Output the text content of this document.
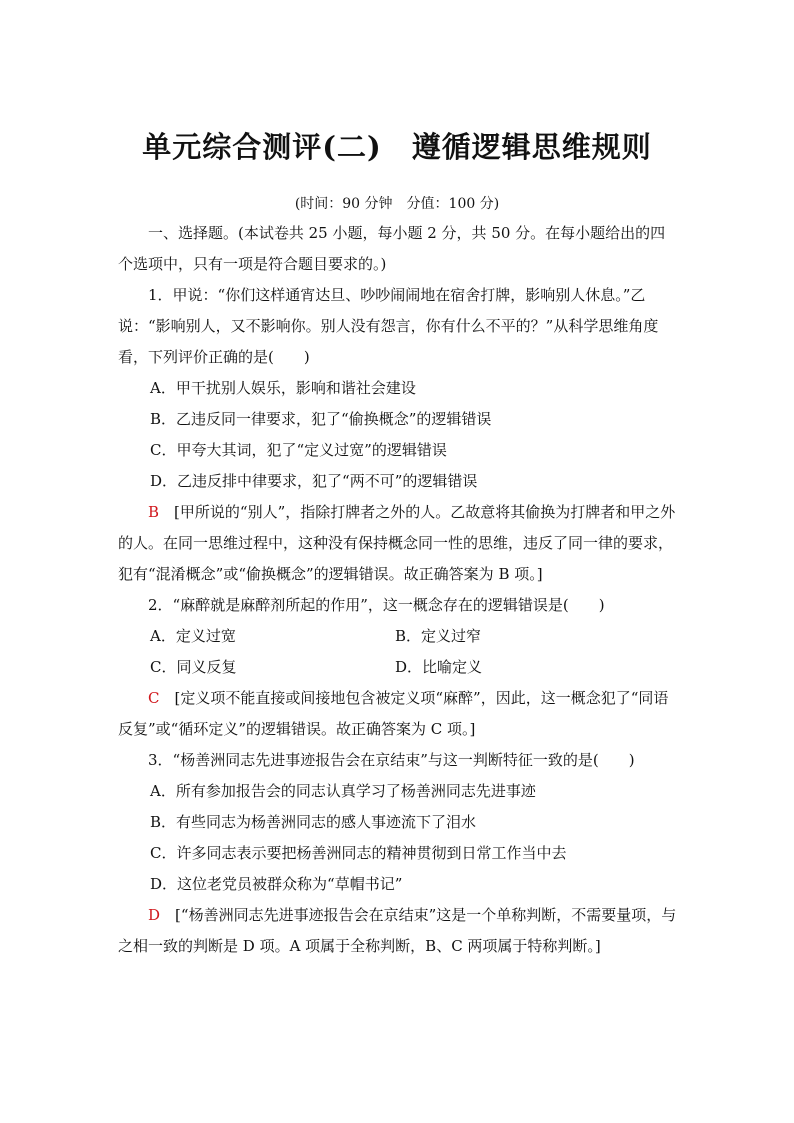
单元综合测评(二)　遵循逻辑思维规则
(时间：90 分钟　分值：100 分)

一、选择题。(本试卷共 25 小题，每小题 2 分，共 50 分。在每小题给出的四个选项中，只有一项是符合题目要求的。)

1．甲说：“你们这样通宵达旦、吵吵闹闹地在宿舍打牌，影响别人休息。”乙说：“影响别人，又不影响你。别人没有怨言，你有什么不平的？”从科学思维角度看，下列评价正确的是(　　)

A．甲干扰别人娱乐，影响和谐社会建设

B．乙违反同一律要求，犯了“偷换概念”的逻辑错误

C．甲夸大其词，犯了“定义过宽”的逻辑错误

D．乙违反排中律要求，犯了“两不可”的逻辑错误

B　 [甲所说的“别人”，指除打牌者之外的人。乙故意将其偷换为打牌者和甲之外的人。在同一思维过程中，这种没有保持概念同一性的思维，违反了同一律的要求，犯有“混淆概念”或“偷换概念”的逻辑错误。故正确答案为 B 项。]

2．“麻醉就是麻醉剂所起的作用”，这一概念存在的逻辑错误是(　　)

A．定义过宽	B．定义过窄
C．同义反复	D．比喻定义

C　 [定义项不能直接或间接地包含被定义项“麻醉”，因此，这一概念犯了“同语反复”或“循环定义”的逻辑错误。故正确答案为 C 项。]

3．“杨善洲同志先进事迹报告会在京结束”与这一判断特征一致的是(　　)

A．所有参加报告会的同志认真学习了杨善洲同志先进事迹

B．有些同志为杨善洲同志的感人事迹流下了泪水

C．许多同志表示要把杨善洲同志的精神贯彻到日常工作当中去

D．这位老党员被群众称为“草帽书记”

D　 [“杨善洲同志先进事迹报告会在京结束”这是一个单称判断，不需要量项，与之相一致的判断是 D 项。A 项属于全称判断，B、C 两项属于特称判断。]
